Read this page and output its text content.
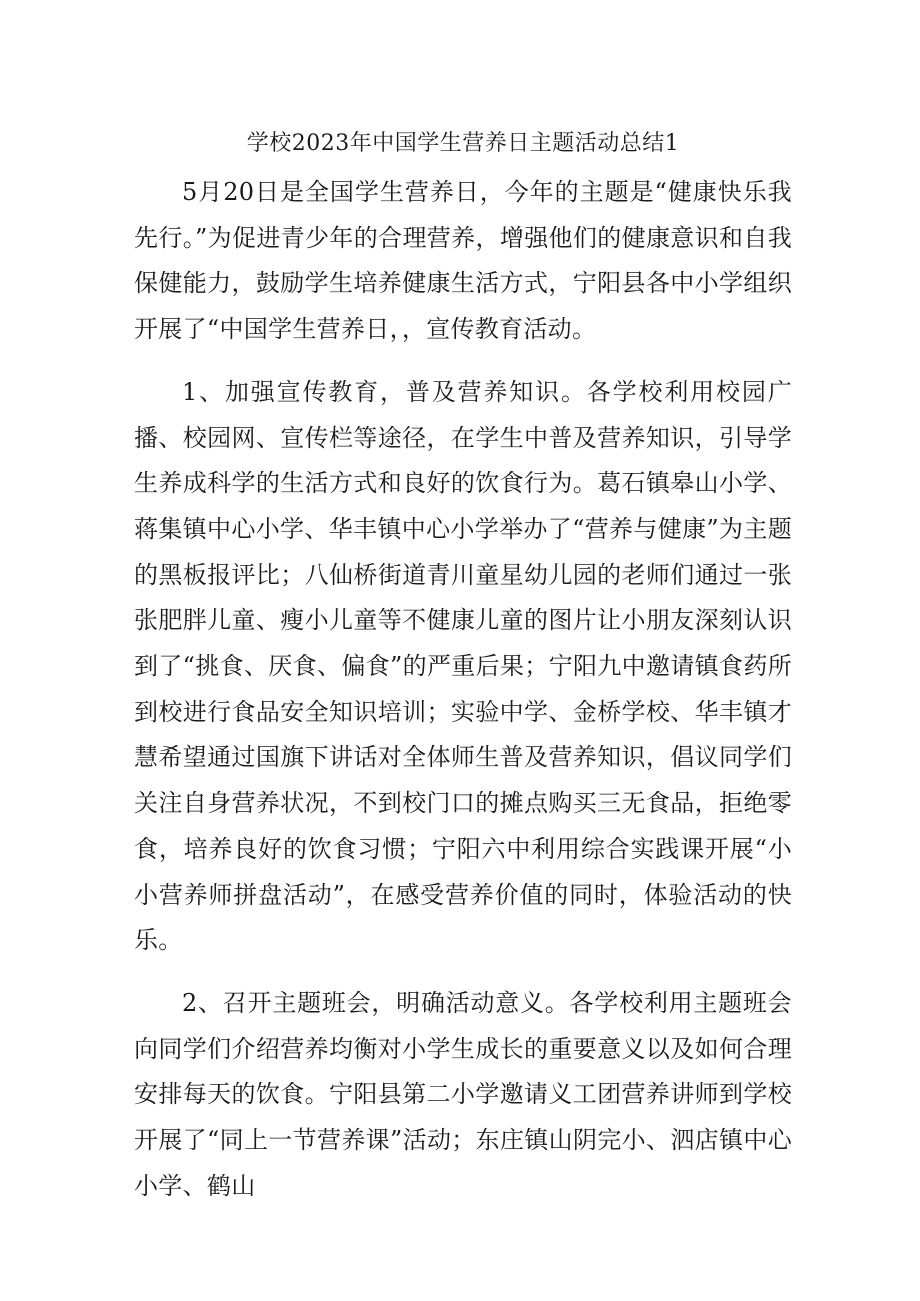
学校2023年中国学生营养日主题活动总结1

5月20日是全国学生营养日，今年的主题是“健康快乐我先行。”为促进青少年的合理营养，增强他们的健康意识和自我保健能力，鼓励学生培养健康生活方式，宁阳县各中小学组织开展了“中国学生营养日，，宣传教育活动。

1、加强宣传教育，普及营养知识。各学校利用校园广播、校园网、宣传栏等途径，在学生中普及营养知识，引导学生养成科学的生活方式和良好的饮食行为。葛石镇皋山小学、蒋集镇中心小学、华丰镇中心小学举办了“营养与健康”为主题的黑板报评比；八仙桥街道青川童星幼儿园的老师们通过一张张肥胖儿童、瘦小儿童等不健康儿童的图片让小朋友深刻认识到了“挑食、厌食、偏食”的严重后果；宁阳九中邀请镇食药所到校进行食品安全知识培训；实验中学、金桥学校、华丰镇才慧希望通过国旗下讲话对全体师生普及营养知识，倡议同学们关注自身营养状况，不到校门口的摊点购买三无食品，拒绝零食，培养良好的饮食习惯；宁阳六中利用综合实践课开展“小小营养师拼盘活动”，在感受营养价值的同时，体验活动的快乐。

2、召开主题班会，明确活动意义。各学校利用主题班会向同学们介绍营养均衡对小学生成长的重要意义以及如何合理安排每天的饮食。宁阳县第二小学邀请义工团营养讲师到学校开展了“同上一节营养课”活动；东庄镇山阴完小、泗店镇中心小学、鹤山
